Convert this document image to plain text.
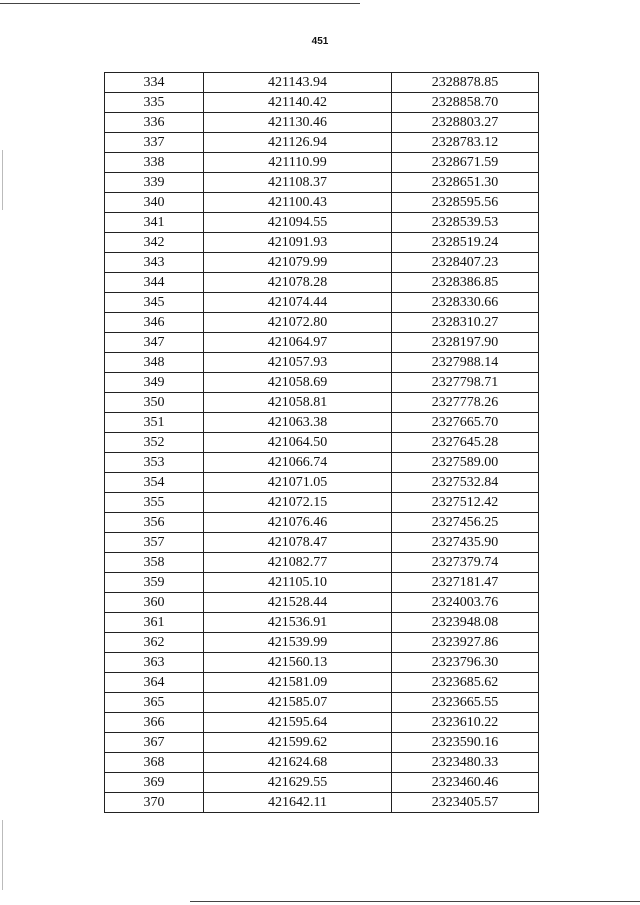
451
334	421143.94	2328878.85
335	421140.42	2328858.70
336	421130.46	2328803.27
337	421126.94	2328783.12
338	421110.99	2328671.59
339	421108.37	2328651.30
340	421100.43	2328595.56
341	421094.55	2328539.53
342	421091.93	2328519.24
343	421079.99	2328407.23
344	421078.28	2328386.85
345	421074.44	2328330.66
346	421072.80	2328310.27
347	421064.97	2328197.90
348	421057.93	2327988.14
349	421058.69	2327798.71
350	421058.81	2327778.26
351	421063.38	2327665.70
352	421064.50	2327645.28
353	421066.74	2327589.00
354	421071.05	2327532.84
355	421072.15	2327512.42
356	421076.46	2327456.25
357	421078.47	2327435.90
358	421082.77	2327379.74
359	421105.10	2327181.47
360	421528.44	2324003.76
361	421536.91	2323948.08
362	421539.99	2323927.86
363	421560.13	2323796.30
364	421581.09	2323685.62
365	421585.07	2323665.55
366	421595.64	2323610.22
367	421599.62	2323590.16
368	421624.68	2323480.33
369	421629.55	2323460.46
370	421642.11	2323405.57
